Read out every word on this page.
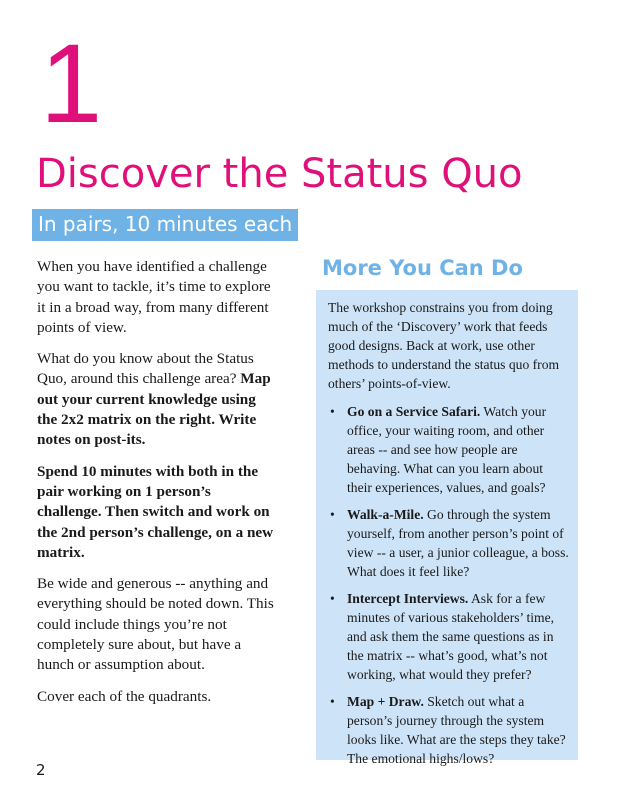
1
Discover the Status Quo
In pairs, 10 minutes each

When you have identified a challenge you want to tackle, it’s time to explore it in a broad way, from many different points of view.

What do you know about the Status Quo, around this challenge area? Map out your current knowledge using the 2x2 matrix on the right. Write notes on post-its.

Spend 10 minutes with both in the pair working on 1 person’s challenge. Then switch and work on the 2nd person’s challenge, on a new matrix.

Be wide and generous -- anything and everything should be noted down. This could include things you’re not completely sure about, but have a hunch or assumption about.

Cover each of the quadrants.

More You Can Do

The workshop constrains you from doing much of the ‘Discovery’ work that feeds good designs. Back at work, use other methods to understand the status quo from others’ points-of-view.

• Go on a Service Safari. Watch your office, your waiting room, and other areas -- and see how people are behaving. What can you learn about their experiences, values, and goals?
• Walk-a-Mile. Go through the system yourself, from another person’s point of view -- a user, a junior colleague, a boss. What does it feel like?
• Intercept Interviews. Ask for a few minutes of various stakeholders’ time, and ask them the same questions as in the matrix -- what’s good, what’s not working, what would they prefer?
• Map + Draw. Sketch out what a person’s journey through the system looks like. What are the steps they take? The emotional highs/lows?
2
